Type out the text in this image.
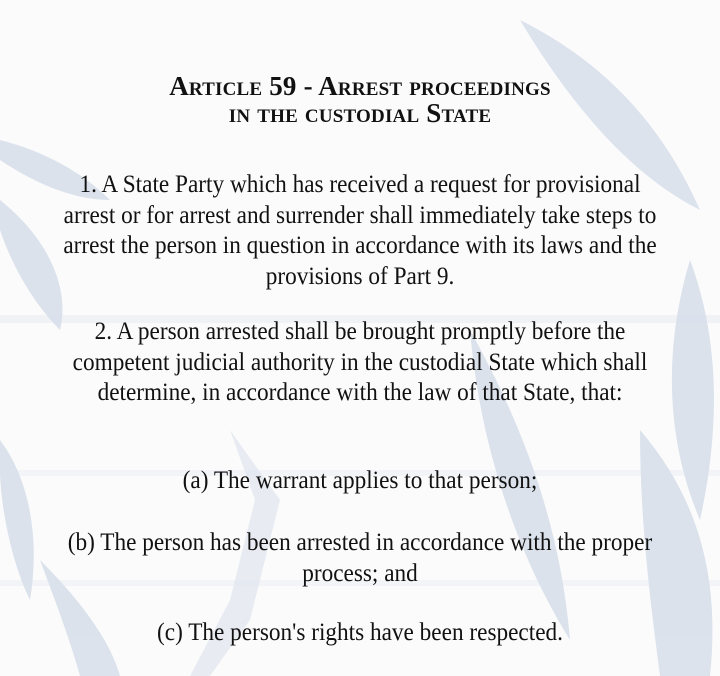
Article 59 - Arrest proceedings
in the custodial State
1. A State Party which has received a request for provisional arrest or for arrest and surrender shall immediately take steps to arrest the person in question in accordance with its laws and the provisions of Part 9.
2. A person arrested shall be brought promptly before the competent judicial authority in the custodial State which shall determine, in accordance with the law of that State, that:
(a) The warrant applies to that person;
(b) The person has been arrested in accordance with the proper process; and
(c) The person's rights have been respected.
